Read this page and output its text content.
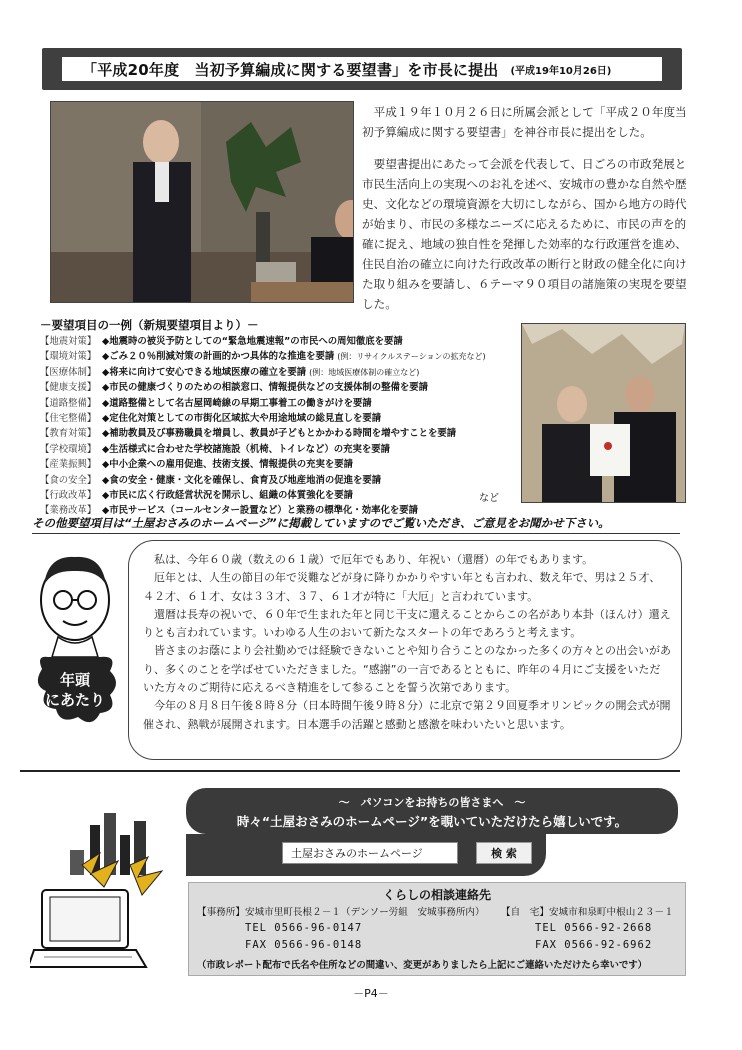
「平成20年度　当初予算編成に関する要望書」を市長に提出 (平成19年10月26日)

平成１９年１０月２６日に所属会派として「平成２０年度当初予算編成に関する要望書」を神谷市長に提出をした。

要望書提出にあたって会派を代表して、日ごろの市政発展と市民生活向上の実現へのお礼を述べ、安城市の豊かな自然や歴史、文化などの環境資源を大切にしながら、国から地方の時代が始まり、市民の多様なニーズに応えるために、市民の声を的確に捉え、地域の独自性を発揮した効率的な行政運営を進め、住民自治の確立に向けた行政改革の断行と財政の健全化に向けた取り組みを要請し、６テーマ９０項目の諸施策の実現を要望した。

－要望項目の一例（新規要望項目より）－
【地震対策】 ◆地震時の被災予防としての“緊急地震速報”の市民への周知徹底を要請
【環境対策】 ◆ごみ２０％削減対策の計画的かつ具体的な推進を要請 (例：リサイクルステーションの拡充など)
【医療体制】 ◆将来に向けて安心できる地域医療の確立を要請 (例：地域医療体制の確立など)
【健康支援】 ◆市民の健康づくりのための相談窓口、情報提供などの支援体制の整備を要請
【道路整備】 ◆道路整備として名古屋岡崎線の早期工事着工の働きがけを要請
【住宅整備】 ◆定住化対策としての市街化区域拡大や用途地域の総見直しを要請
【教育対策】 ◆補助教員及び事務職員を増員し、教員が子どもとかかわる時間を増やすことを要請
【学校環境】 ◆生活様式に合わせた学校諸施設（机椅、トイレなど）の充実を要請
【産業振興】 ◆中小企業への雇用促進、技術支援、情報提供の充実を要請
【食の安全】 ◆食の安全・健康・文化を確保し、食育及び地産地消の促進を要請
【行政改革】 ◆市民に広く行政経営状況を開示し、組織の体質強化を要請
【業務改革】 ◆市民サービス（コールセンター設置など）と業務の標準化・効率化を要請
など
その他要望項目は“土屋おさみのホームページ”に掲載していますのでご覧いただき、ご意見をお聞かせ下さい。
年頭
にあたり

私は、今年６０歳（数えの６１歳）で厄年でもあり、年祝い（還暦）の年でもあります。

厄年とは、人生の節目の年で災難などが身に降りかかりやすい年とも言われ、数え年で、男は２５才、４２才、６１才、女は３３才、３７、６１才が特に「大厄」と言われています。

還暦は長寿の祝いで、６０年で生まれた年と同じ干支に還えることからこの名があり本卦（ほんけ）還えりとも言われています。いわゆる人生のおいて新たなスタートの年であろうと考えます。

皆さまのお蔭により会社勤めでは経験できないことや知り合うことのなかった多くの方々との出会いがあり、多くのことを学ばせていただきました。“感謝”の一言であるとともに、昨年の４月にご支援をいただいた方々のご期待に応えるべき精進をして参ることを誓う次第であります。

今年の８月８日午後８時８分（日本時間午後９時８分）に北京で第２９回夏季オリンピックの開会式が開催され、熱戦が展開されます。日本選手の活躍と感動と感激を味わいたいと思います。

～　パソコンをお持ちの皆さまへ　～
時々“土屋おさみのホームページ”を覗いていただけたら嬉しいです。
土屋おさみのホームページ	検 索
くらしの相談連絡先
【事務所】安城市里町長根２－１（デンソー労組　安城事務所内） 【自　宅】安城市和泉町中根山２３－１
TEL 0566-96-0147
FAX 0566-96-0148
TEL 0566-92-2668
FAX 0566-92-6962
（市政レポート配布で氏名や住所などの間違い、変更がありましたら上記にご連絡いただけたら幸いです）
－P4－
